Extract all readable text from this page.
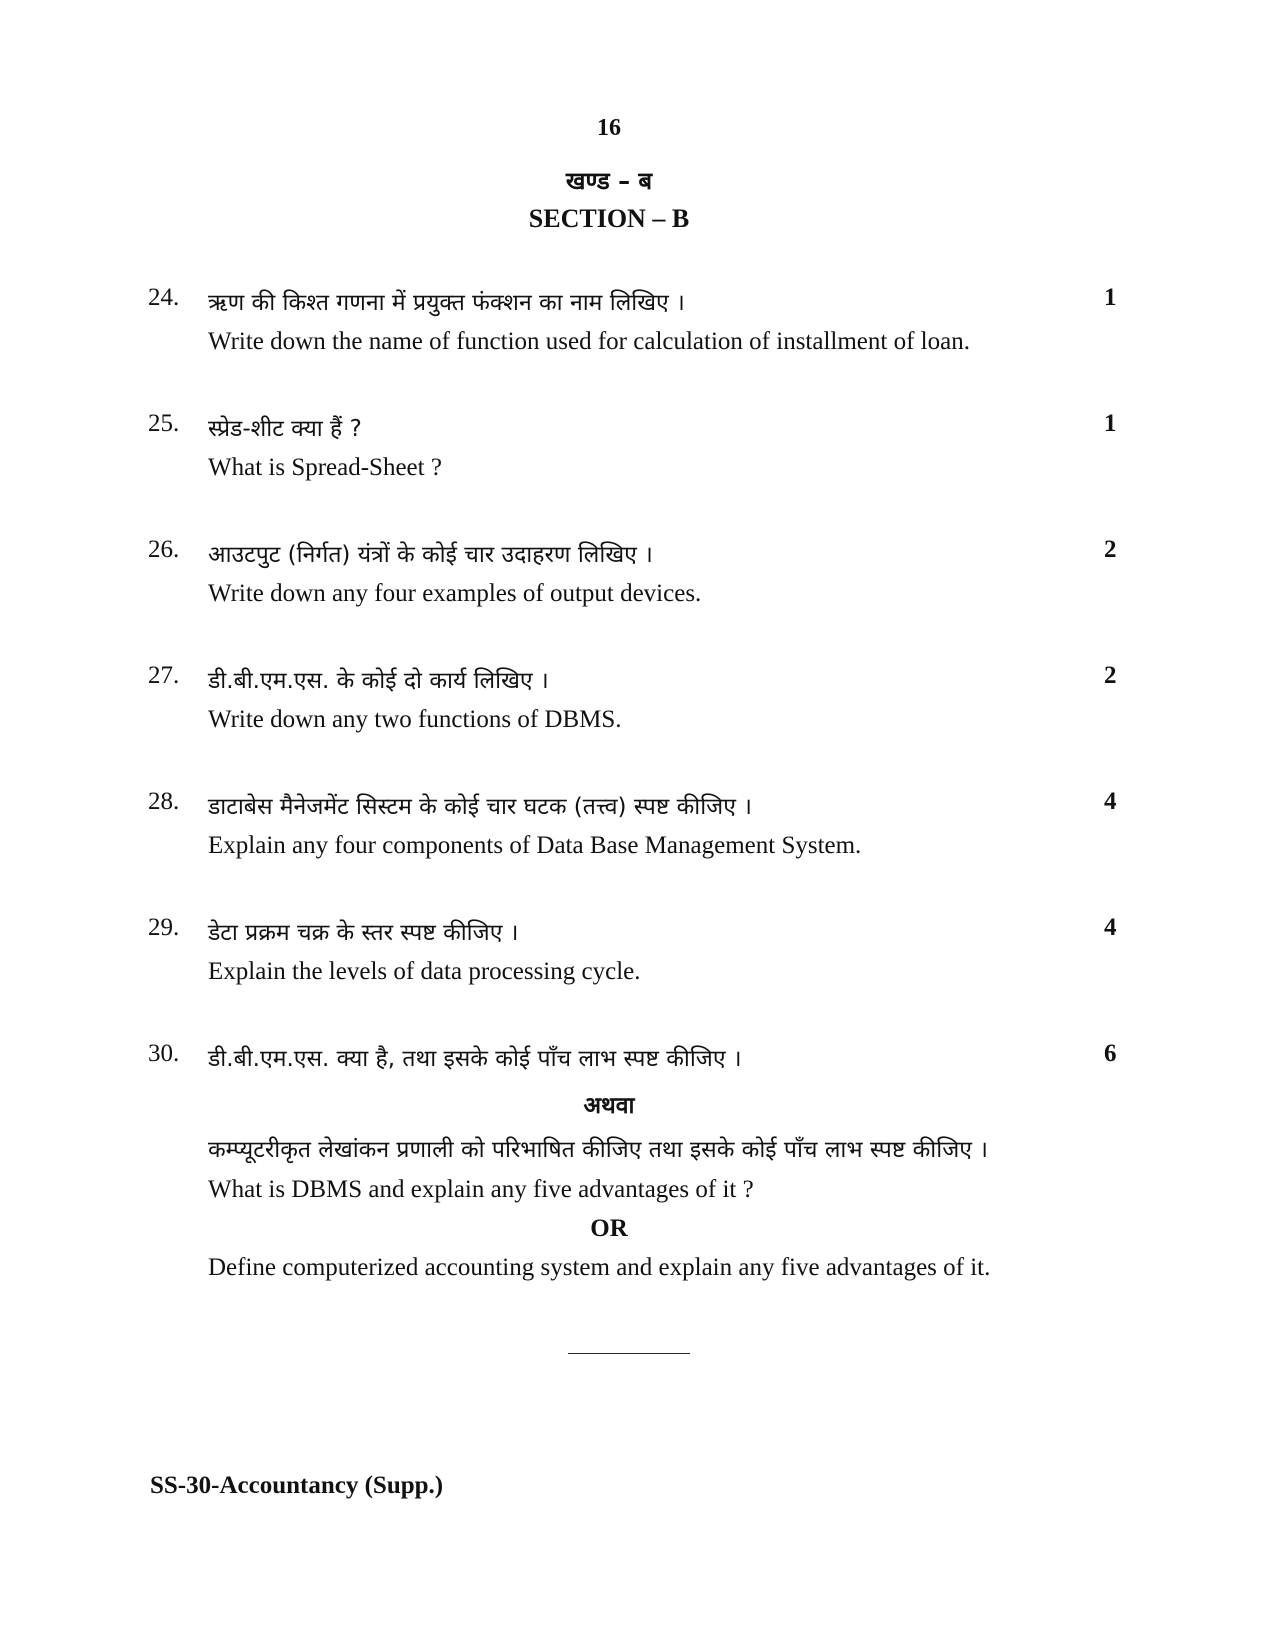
16
खण्ड – ब
SECTION – B
24. ऋण की किश्त गणना में प्रयुक्त फंक्शन का नाम लिखिए ।
Write down the name of function used for calculation of installment of loan.
1
25. स्प्रेड-शीट क्या हैं ?
What is Spread-Sheet ?
1
26. आउटपुट (निर्गत) यंत्रों के कोई चार उदाहरण लिखिए ।
Write down any four examples of output devices.
2
27. डी.बी.एम.एस. के कोई दो कार्य लिखिए ।
Write down any two functions of DBMS.
2
28. डाटाबेस मैनेजमेंट सिस्टम के कोई चार घटक (तत्त्व) स्पष्ट कीजिए ।
Explain any four components of Data Base Management System.
4
29. डेटा प्रक्रम चक्र के स्तर स्पष्ट कीजिए ।
Explain the levels of data processing cycle.
4
30. डी.बी.एम.एस. क्या है, तथा इसके कोई पाँच लाभ स्पष्ट कीजिए ।
अथवा
कम्प्यूटरीकृत लेखांकन प्रणाली को परिभाषित कीजिए तथा इसके कोई पाँच लाभ स्पष्ट कीजिए ।
What is DBMS and explain any five advantages of it ?
OR
Define computerized accounting system and explain any five advantages of it.
6
SS-30-Accountancy (Supp.)
